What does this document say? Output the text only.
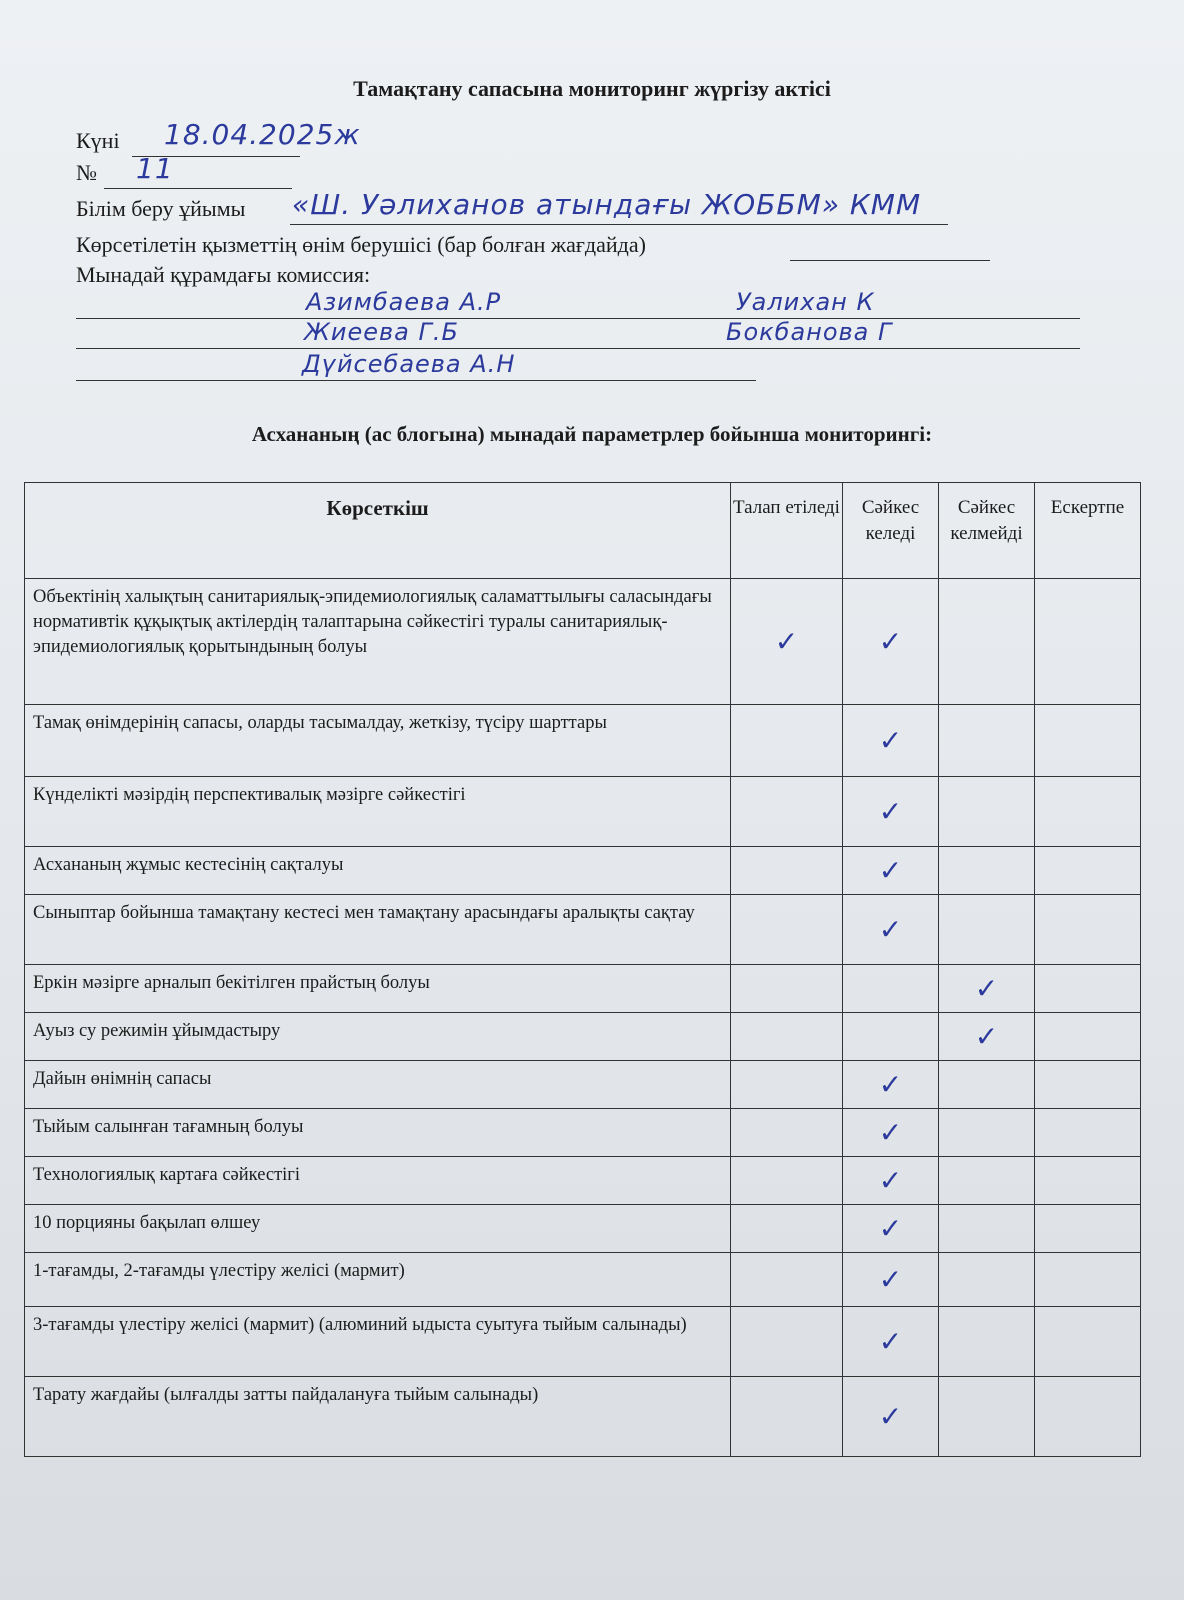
Тамақтану сапасына мониторинг жүргізу актісі
Күні 18.04.2025ж
№ 11
Білім беру ұйымы «Ш. Уәлиханов атындағы ЖОББМ» КММ
Көрсетілетін қызметтің өнім берушісі (бар болған жағдайда)
Мынадай құрамдағы комиссия:
Азимбаева А.Р	Уалихан К
Жиеева Г.Б	Бокбанова Г
Дүйсебаева А.Н
Асхананың (ас блогына) мынадай параметрлер бойынша мониторингі:
Көрсеткіш	Талап етіледі	Сәйкес келеді	Сәйкес келмейді	Ескертпе
Объектінің халықтың санитариялық-эпидемиологиялық саламаттылығы саласындағы нормативтік құқықтық актілердің талаптарына сәйкестігі туралы санитариялық-эпидемиологиялық қорытындының болуы	✓	✓		
Тамақ өнімдерінің сапасы, оларды тасымалдау, жеткізу, түсіру шарттары		✓		
Күнделікті мәзірдің перспективалық мәзірге сәйкестігі		✓		
Асхананың жұмыс кестесінің сақталуы		✓		
Сыныптар бойынша тамақтану кестесі мен тамақтану арасындағы аралықты сақтау		✓		
Еркін мәзірге арналып бекітілген прайстың болуы			✓	
Ауыз су режимін ұйымдастыру			✓	
Дайын өнімнің сапасы		✓		
Тыйым салынған тағамның болуы		✓		
Технологиялық картаға сәйкестігі		✓		
10 порцияны бақылап өлшеу		✓		
1-тағамды, 2-тағамды үлестіру желісі (мармит)		✓		
3-тағамды үлестіру желісі (мармит) (алюминий ыдыста суытуға тыйым салынады)		✓		
Тарату жағдайы (ылғалды затты пайдалануға тыйым салынады)		✓		
